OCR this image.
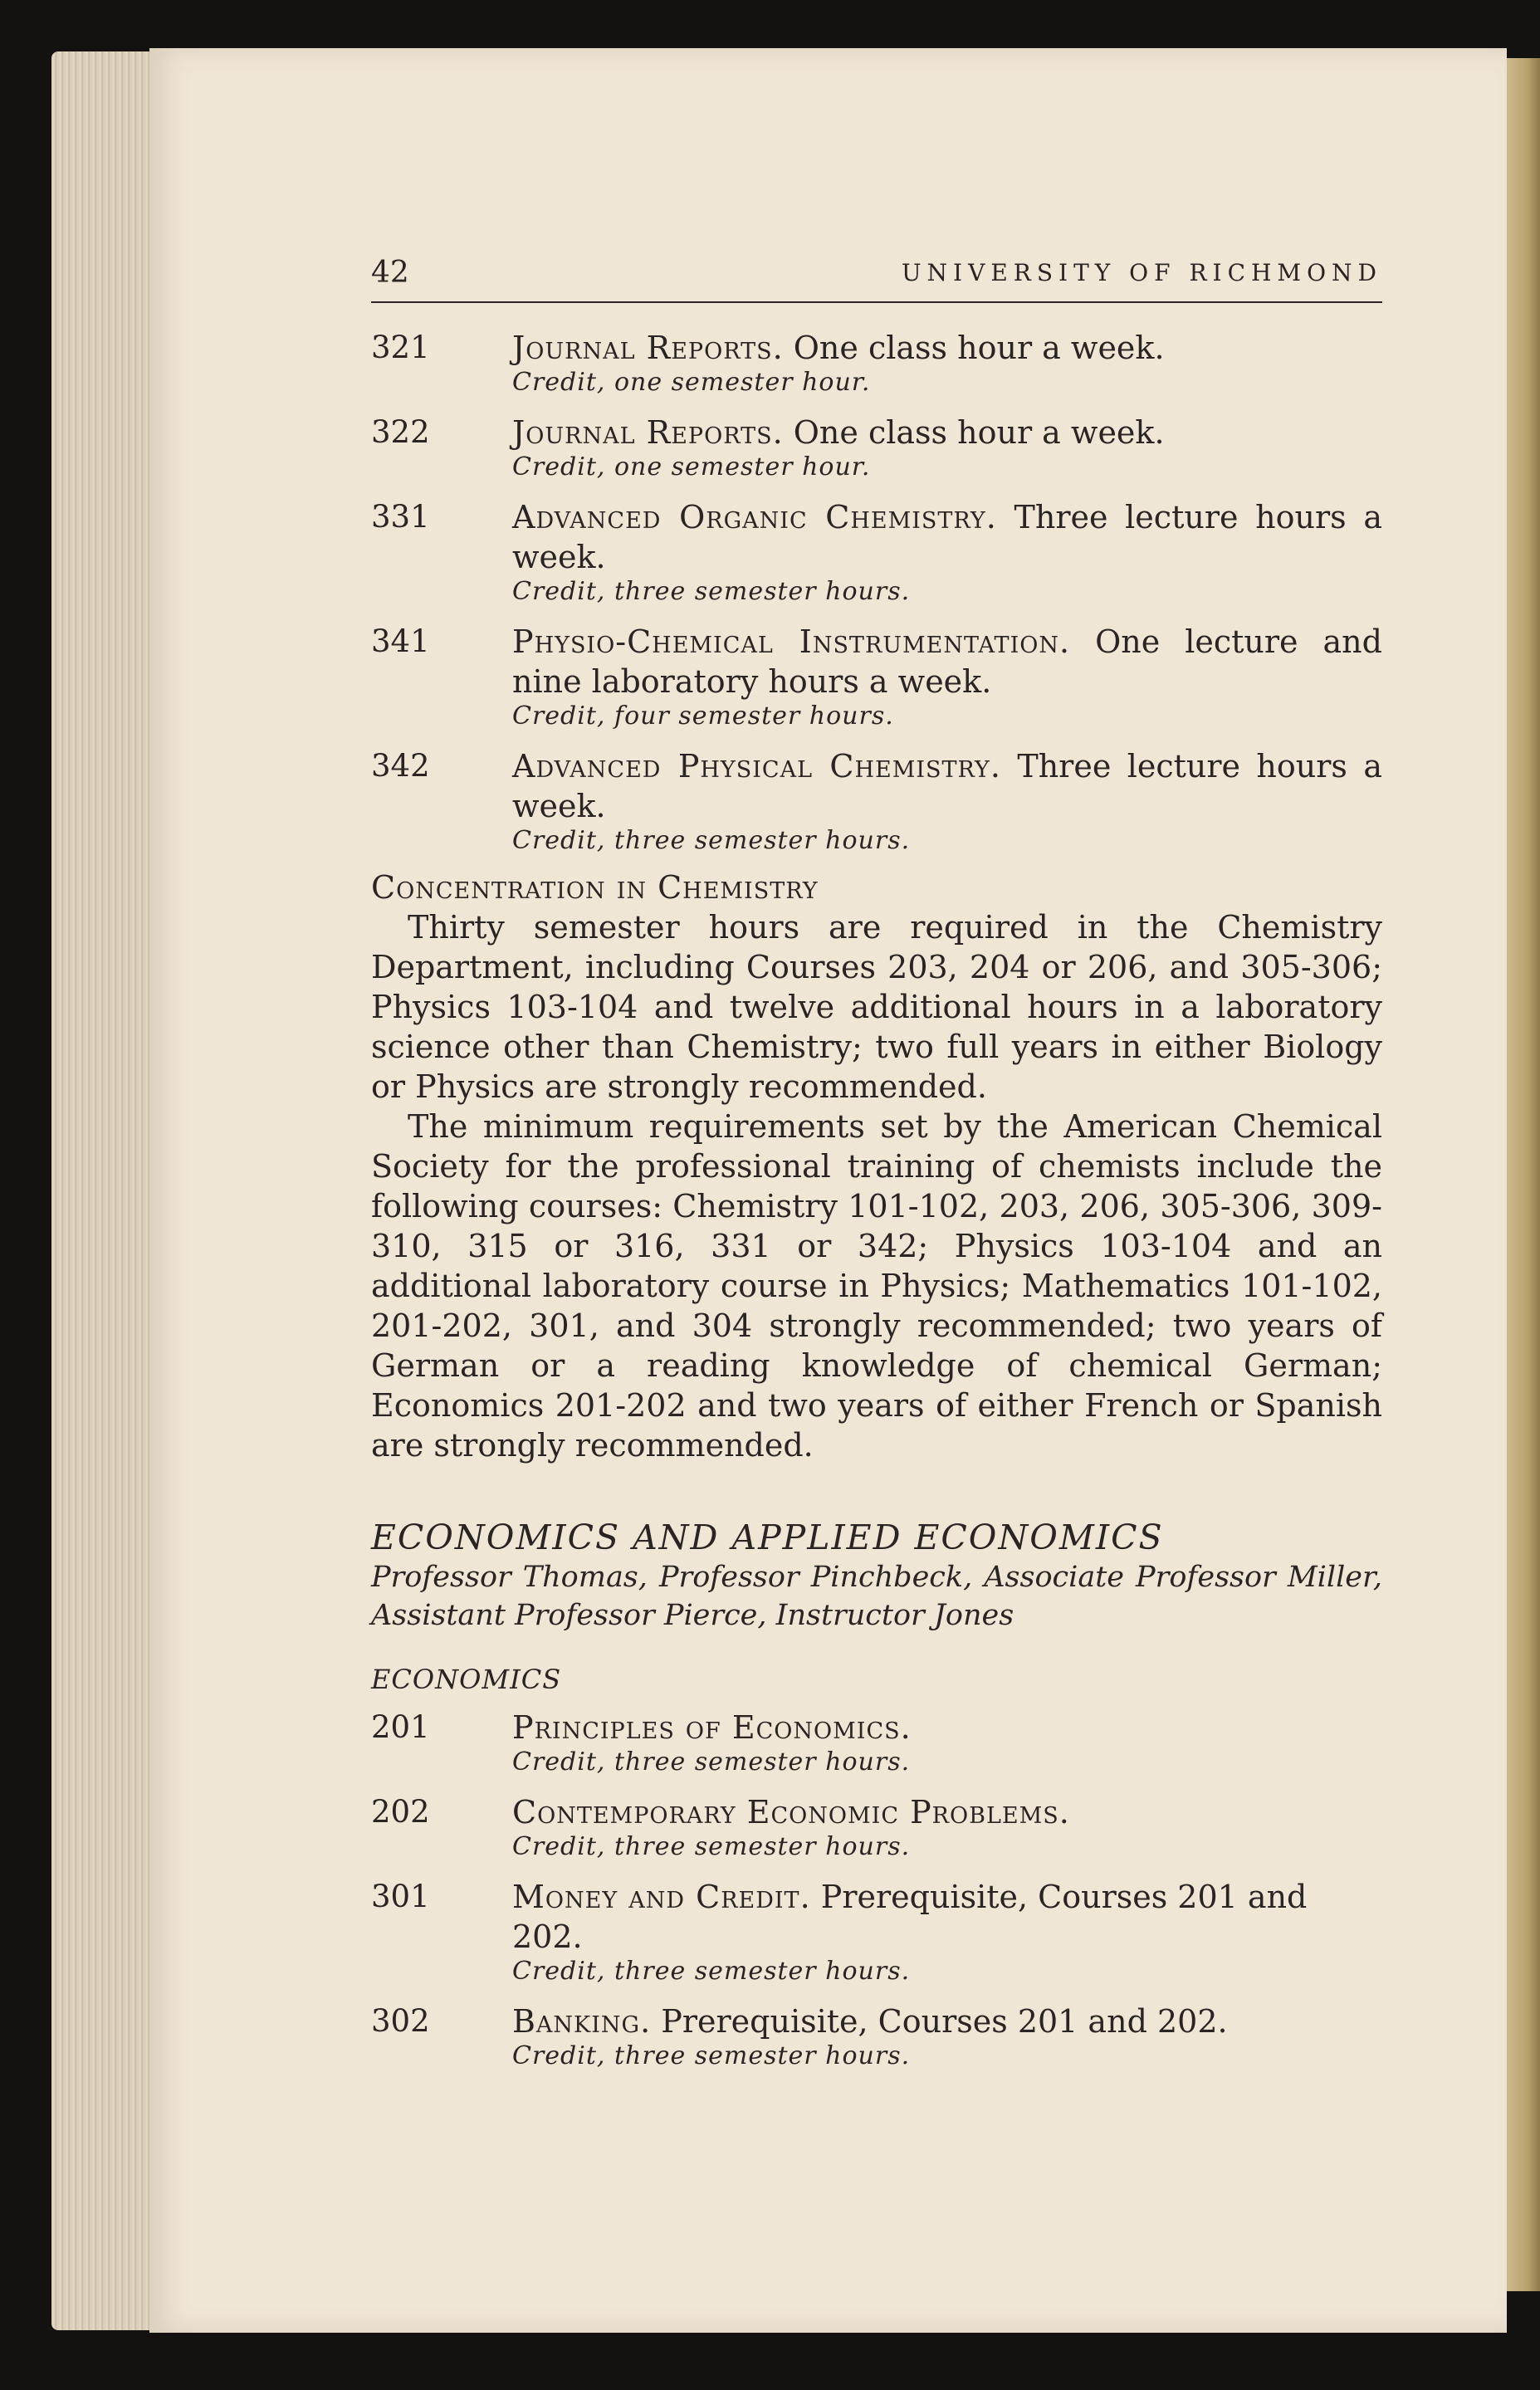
42	UNIVERSITY OF RICHMOND
321	Journal Reports. One class hour a week.
Credit, one semester hour.
322	Journal Reports. One class hour a week.
Credit, one semester hour.
331	Advanced Organic Chemistry. Three lecture hours a week.
Credit, three semester hours.
341	Physio-Chemical Instrumentation. One lecture and nine laboratory hours a week.
Credit, four semester hours.
342	Advanced Physical Chemistry. Three lecture hours a week.
Credit, three semester hours.
Concentration in Chemistry
Thirty semester hours are required in the Chemistry Department, including Courses 203, 204 or 206, and 305-306; Physics 103-104 and twelve additional hours in a laboratory science other than Chemistry; two full years in either Biology or Physics are strongly recommended.
The minimum requirements set by the American Chemical Society for the professional training of chemists include the following courses: Chemistry 101-102, 203, 206, 305-306, 309-310, 315 or 316, 331 or 342; Physics 103-104 and an additional laboratory course in Physics; Mathematics 101-102, 201-202, 301, and 304 strongly recommended; two years of German or a reading knowledge of chemical German; Economics 201-202 and two years of either French or Spanish are strongly recommended.
ECONOMICS AND APPLIED ECONOMICS
Professor Thomas, Professor Pinchbeck, Associate Professor Miller, Assistant Professor Pierce, Instructor Jones
ECONOMICS
201	Principles of Economics.
Credit, three semester hours.
202	Contemporary Economic Problems.
Credit, three semester hours.
301	Money and Credit. Prerequisite, Courses 201 and 202.
Credit, three semester hours.
302	Banking. Prerequisite, Courses 201 and 202.
Credit, three semester hours.
